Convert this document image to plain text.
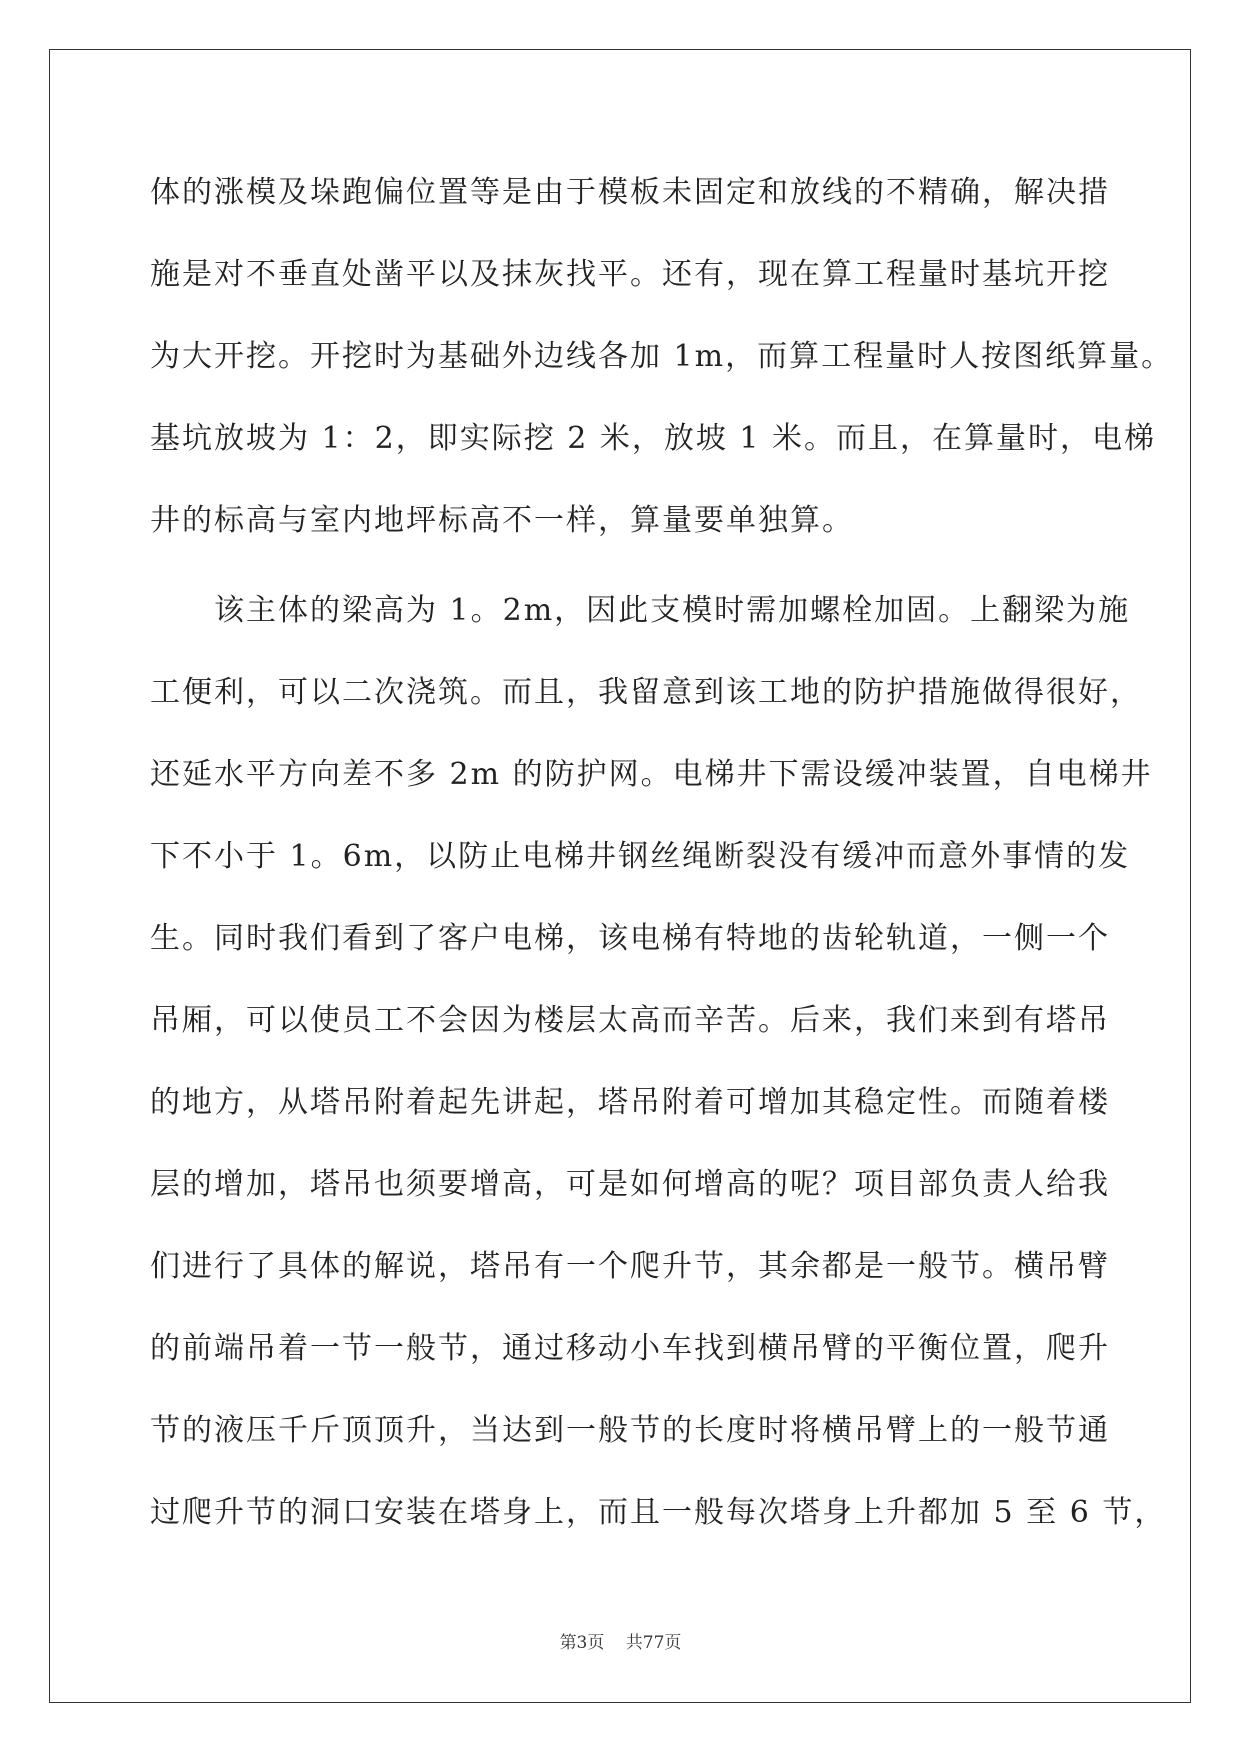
体的涨模及垛跑偏位置等是由于模板未固定和放线的不精确，解决措
施是对不垂直处凿平以及抹灰找平。还有，现在算工程量时基坑开挖
为大开挖。开挖时为基础外边线各加 1m，而算工程量时人按图纸算量。
基坑放坡为 1：2，即实际挖 2 米，放坡 1 米。而且，在算量时，电梯
井的标高与室内地坪标高不一样，算量要单独算。
　　该主体的梁高为 1。2m，因此支模时需加螺栓加固。上翻梁为施
工便利，可以二次浇筑。而且，我留意到该工地的防护措施做得很好，
还延水平方向差不多 2m 的防护网。电梯井下需设缓冲装置，自电梯井
下不小于 1。6m，以防止电梯井钢丝绳断裂没有缓冲而意外事情的发
生。同时我们看到了客户电梯，该电梯有特地的齿轮轨道，一侧一个
吊厢，可以使员工不会因为楼层太高而辛苦。后来，我们来到有塔吊
的地方，从塔吊附着起先讲起，塔吊附着可增加其稳定性。而随着楼
层的增加，塔吊也须要增高，可是如何增高的呢？项目部负责人给我
们进行了具体的解说，塔吊有一个爬升节，其余都是一般节。横吊臂
的前端吊着一节一般节，通过移动小车找到横吊臂的平衡位置，爬升
节的液压千斤顶顶升，当达到一般节的长度时将横吊臂上的一般节通
过爬升节的洞口安装在塔身上，而且一般每次塔身上升都加 5 至 6 节，
第3页 共77页
